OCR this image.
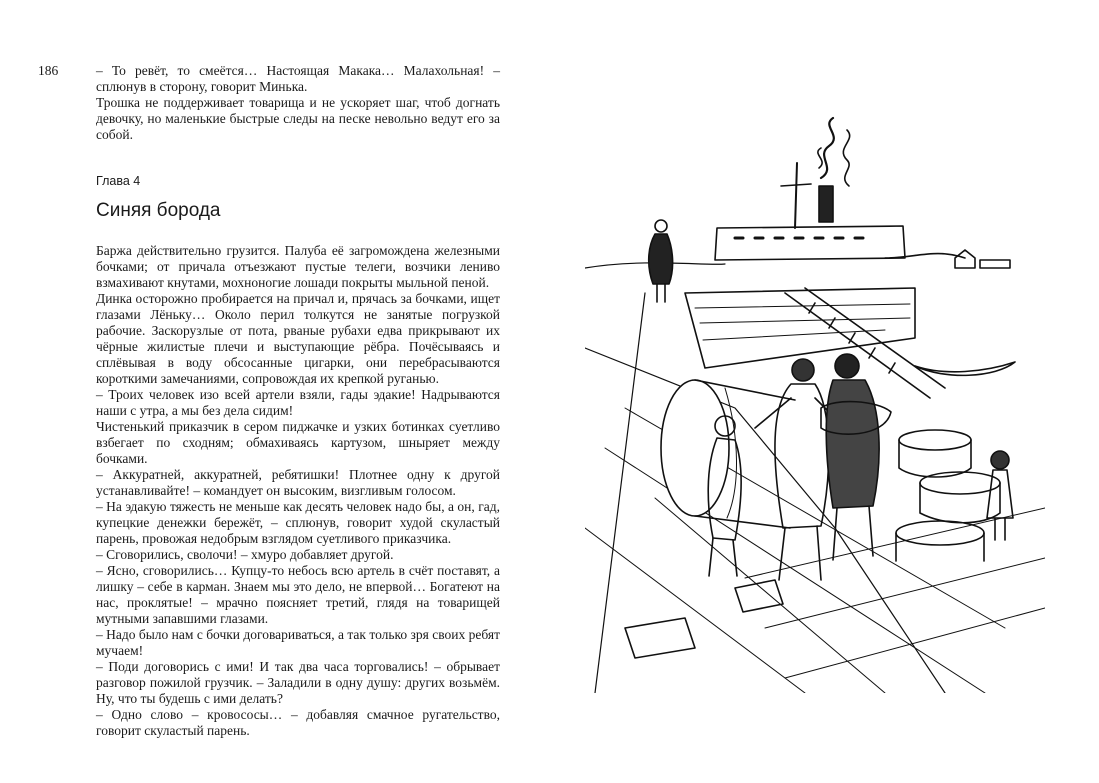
186	– То ревёт, то смеётся… Настоящая Макака… Малахольная! – сплюнув в сторону, говорит Минька.

Трошка не поддерживает товарища и не ускоряет шаг, чтоб догнать девочку, но маленькие быстрые следы на песке невольно ведут его за собой.

Глава 4

Синяя борода

Баржа действительно грузится. Палуба её загромождена железными бочками; от причала отъезжают пустые телеги, возчики лениво взмахивают кнутами, мохноногие лошади покрыты мыльной пеной.

Динка осторожно пробирается на причал и, прячась за бочками, ищет глазами Лёньку… Около перил толкутся не занятые погрузкой рабочие. Заскорузлые от пота, рваные рубахи едва прикрывают их чёрные жилистые плечи и выступающие рёбра. Почёсываясь и сплёвывая в воду обсосанные цигарки, они перебрасываются короткими замечаниями, сопровождая их крепкой руганью.

– Троих человек изо всей артели взяли, гады эдакие! Надрываются наши с утра, а мы без дела сидим!

Чистенький приказчик в сером пиджачке и узких ботинках суетливо взбегает по сходням; обмахиваясь картузом, шныряет между бочками.

– Аккуратней, аккуратней, ребятишки! Плотнее одну к другой устанавливайте! – командует он высоким, визгливым голосом.

– На эдакую тяжесть не меньше как десять человек надо бы, а он, гад, купецкие денежки бережёт, – сплюнув, говорит худой скуластый парень, провожая недобрым взглядом суетливого приказчика.

– Сговорились, сволочи! – хмуро добавляет другой.

– Ясно, сговорились… Купцу-то небось всю артель в счёт поставят, а лишку – себе в карман. Знаем мы это дело, не впервой… Богатеют на нас, проклятые! – мрачно поясняет третий, глядя на товарищей мутными запавшими глазами.

– Надо было нам с бочки договариваться, а так только зря своих ребят мучаем!

– Поди договорись с ими! И так два часа торговались! – обрывает разговор пожилой грузчик. – Заладили в одну душу: других возьмём. Ну, что ты будешь с ими делать?

– Одно слово – кровососы… – добавляя смачное ругательство, говорит скуластый парень.
